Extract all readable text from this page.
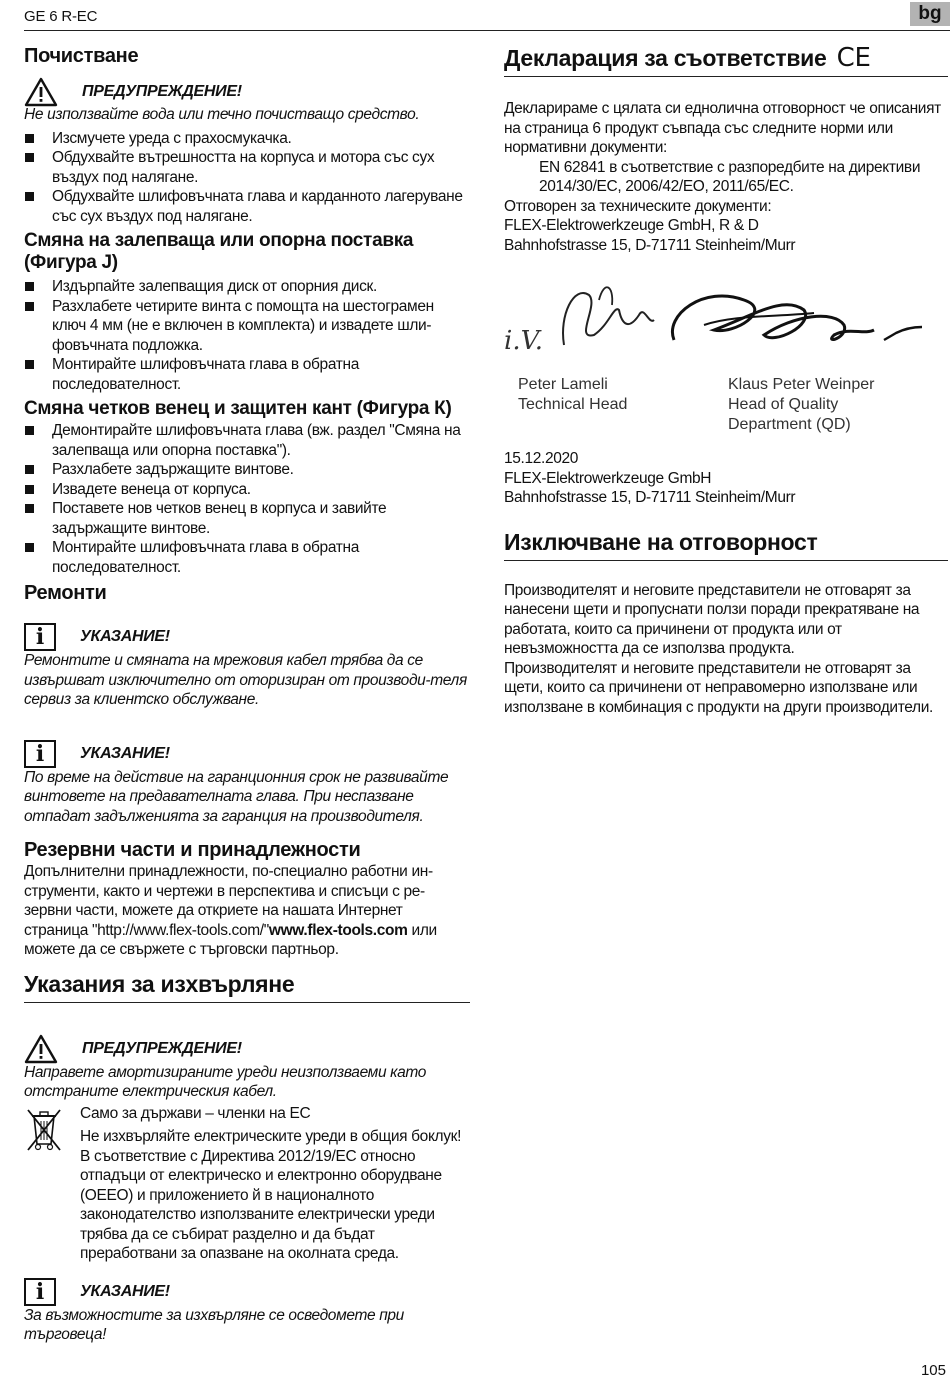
GE 6 R-EC	bg
Почистване
ПРЕДУПРЕЖДЕНИЕ!

Не използвайте вода или течно почистващо средство.

Изсмучете уреда с прахосмукачка.
Обдухвайте вътрешността на корпуса и мотора със сух въздух под налягане.
Обдухвайте шлифовъчната глава и карданното лагеруване със сух въздух под налягане.
Смяна на залепваща или опорна поставка (Фигура J)
Издърпайте залепващия диск от опорния диск.
Разхлабете четирите винта с помощта на шестограмен ключ 4 мм (не е включен в комплекта) и извадете шли-фовъчната подложка.
Монтирайте шлифовъчната глава в обратна последователност.
Смяна четков венец и защитен кант (Фигура К)
Демонтирайте шлифовъчната глава (вж. раздел "Смяна на залепваща или опорна поставка").
Разхлабете задържащите винтове.
Извадете венеца от корпуса.
Поставете нов четков венец в корпуса и завийте задържащите винтове.
Монтирайте шлифовъчната глава в обратна последователност.
Ремонти
i	УКАЗАНИЕ!

Ремонтите и смяната на мрежовия кабел трябва да се извършват изключително от оторизиран от производи-теля сервиз за клиентско обслужване.

i	УКАЗАНИЕ!

По време на действие на гаранционния срок не развивайте винтовете на предавателната глава. При неспазване отпадат задълженията за гаранция на производителя.

Резервни части и принадлежности

Допълнителни принадлежности, по-специално работни ин-струменти, както и чертежи в перспектива и списъци с ре-зервни части, можете да откриете на нашата Интернет страница "http://www.flex-tools.com/"www.flex-tools.com или можете да се свържете с търговски партньор.

Указания за изхвърляне
ПРЕДУПРЕЖДЕНИЕ!

Направете амортизираните уреди неизползваеми като отстраните електрическия кабел.

Само за държави – членки на ЕС

Не изхвърляйте електрическите уреди в общия боклук!

В съответствие с Директива 2012/19/ЕС относно отпадъци от електрическо и електронно оборудване (ОЕЕО) и приложението й в националното законодателство използваните електрически уреди трябва да се събират разделно и да бъдат преработвани за опазване на околната среда.

i	УКАЗАНИЕ!

За възможностите за изхвърляне се осведомете при търговеца!

Декларация за съответствие CE

Декларираме с цялата си еднолична отговорност че описаният на страница 6 продукт съвпада със следните норми или нормативни документи:

EN 62841 в съответствие с разпоредбите на директиви 2014/30/EC, 2006/42/EO, 2011/65/EC.

Отговорен за техническите документи:

FLEX-Elektrowerkzeuge GmbH, R & D

Bahnhofstrasse 15, D-71711 Steinheim/Murr

i.V.
Peter Lameli
Technical Head
Klaus Peter Weinper
Head of Quality
Department (QD)

15.12.2020

FLEX-Elektrowerkzeuge GmbH

Bahnhofstrasse 15, D-71711 Steinheim/Murr

Изключване на отговорност

Производителят и неговите представители не отговарят за нанесени щети и пропуснати ползи поради прекратяване на работата, които са причинени от продукта или от невъзможността да се използва продукта.

Производителят и неговите представители не отговарят за щети, които са причинени от неправомерно използване или използване в комбинация с продукти на други производители.

105
